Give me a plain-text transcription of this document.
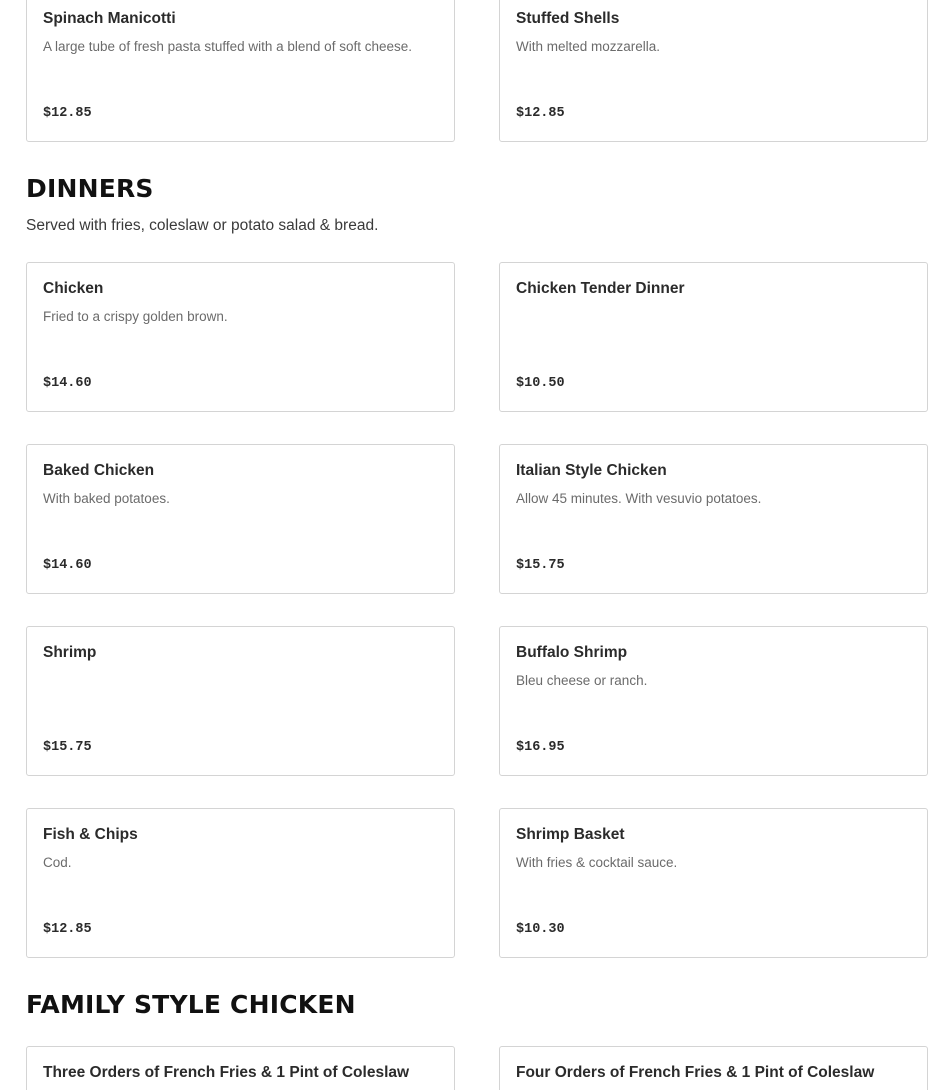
Spinach Manicotti
A large tube of fresh pasta stuffed with a blend of soft cheese.
$12.85
Stuffed Shells
With melted mozzarella.
$12.85
DINNERS
Served with fries, coleslaw or potato salad & bread.
Chicken
Fried to a crispy golden brown.
$14.60
Chicken Tender Dinner
$10.50
Baked Chicken
With baked potatoes.
$14.60
Italian Style Chicken
Allow 45 minutes. With vesuvio potatoes.
$15.75
Shrimp
$15.75
Buffalo Shrimp
Bleu cheese or ranch.
$16.95
Fish & Chips
Cod.
$12.85
Shrimp Basket
With fries & cocktail sauce.
$10.30
FAMILY STYLE CHICKEN
Three Orders of French Fries & 1 Pint of Coleslaw	Four Orders of French Fries & 1 Pint of Coleslaw
